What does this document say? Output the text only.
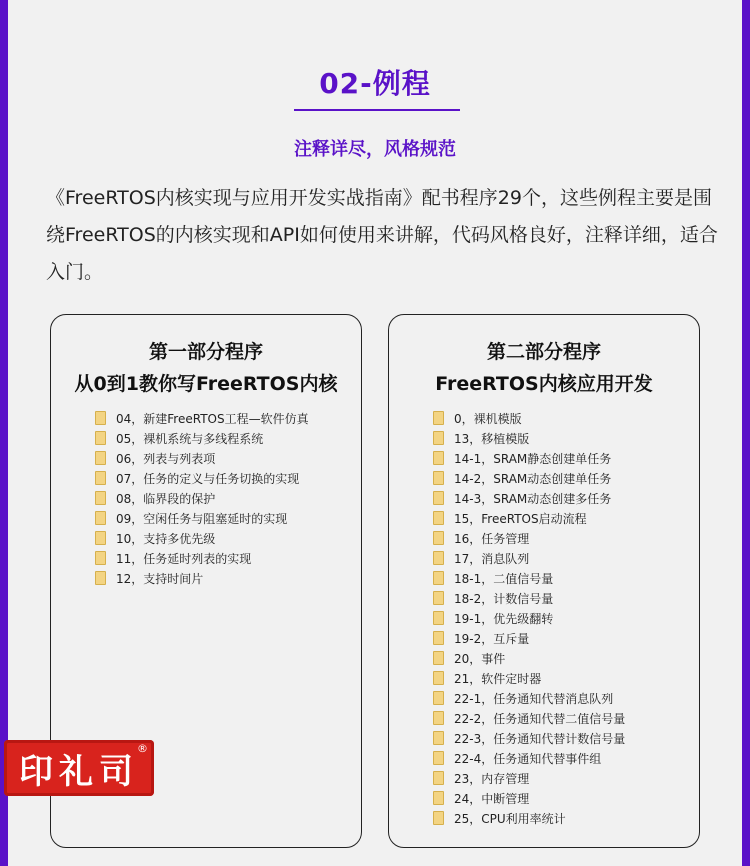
02-例程
注释详尽，风格规范
《FreeRTOS内核实现与应用开发实战指南》配书程序29个，这些例程主要是围绕FreeRTOS的内核实现和API如何使用来讲解，代码风格良好，注释详细，适合入门。
第一部分程序
从0到1教你写FreeRTOS内核
04，新建FreeRTOS工程—软件仿真
05，裸机系统与多线程系统
06，列表与列表项
07，任务的定义与任务切换的实现
08，临界段的保护
09，空闲任务与阻塞延时的实现
10，支持多优先级
11，任务延时列表的实现
12，支持时间片
第二部分程序
FreeRTOS内核应用开发
0，裸机模版
13，移植模版
14-1，SRAM静态创建单任务
14-2，SRAM动态创建单任务
14-3，SRAM动态创建多任务
15，FreeRTOS启动流程
16，任务管理
17，消息队列
18-1，二值信号量
18-2，计数信号量
19-1，优先级翻转
19-2，互斥量
20，事件
21，软件定时器
22-1，任务通知代替消息队列
22-2，任务通知代替二值信号量
22-3，任务通知代替计数信号量
22-4，任务通知代替事件组
23，内存管理
24，中断管理
25，CPU利用率统计
印礼司
®
